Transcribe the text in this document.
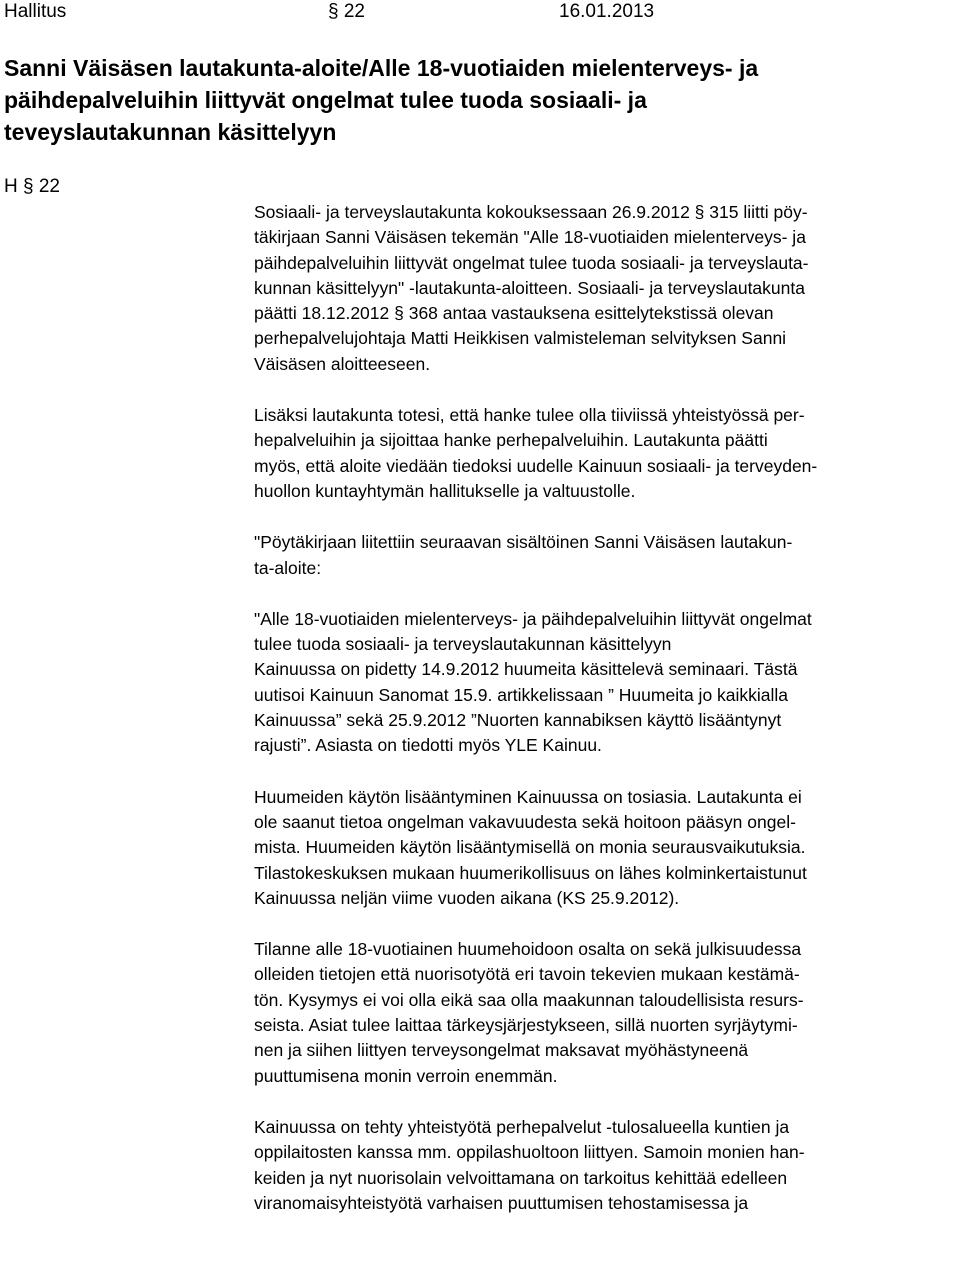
Hallitus	§ 22	16.01.2013
Sanni Väisäsen lautakunta-aloite/Alle 18-vuotiaiden mielenterveys- ja
päihdepalveluihin liittyvät ongelmat tulee tuoda sosiaali- ja
teveyslautakunnan käsittelyyn
H § 22

Sosiaali- ja terveyslautakunta kokouksessaan 26.9.2012 § 315 liitti pöy-
täkirjaan Sanni Väisäsen tekemän "Alle 18-vuotiaiden mielenterveys- ja
päihdepalveluihin liittyvät ongelmat tulee tuoda sosiaali- ja terveyslauta-
kunnan käsittelyyn" -lautakunta-aloitteen. Sosiaali- ja terveyslautakunta
päätti 18.12.2012 § 368 antaa vastauksena esittelytekstissä olevan
perhepalvelujohtaja Matti Heikkisen valmisteleman selvityksen Sanni
Väisäsen aloitteeseen.

Lisäksi lautakunta totesi, että hanke tulee olla tiiviissä yhteistyössä per-
hepalveluihin ja sijoittaa hanke perhepalveluihin. Lautakunta päätti
myös, että aloite viedään tiedoksi uudelle Kainuun sosiaali- ja terveyden-
huollon kuntayhtymän hallitukselle ja valtuustolle.

"Pöytäkirjaan liitettiin seuraavan sisältöinen Sanni Väisäsen lautakun-
ta-aloite:

"Alle 18-vuotiaiden mielenterveys- ja päihdepalveluihin liittyvät ongelmat
tulee tuoda sosiaali- ja terveyslautakunnan käsittelyyn
Kainuussa on pidetty 14.9.2012 huumeita käsittelevä seminaari. Tästä
uutisoi Kainuun Sanomat 15.9. artikkelissaan ” Huumeita jo kaikkialla
Kainuussa” sekä 25.9.2012 ”Nuorten kannabiksen käyttö lisääntynyt
rajusti”. Asiasta on tiedotti myös YLE Kainuu.

Huumeiden käytön lisääntyminen Kainuussa on tosiasia. Lautakunta ei
ole saanut tietoa ongelman vakavuudesta sekä hoitoon pääsyn ongel-
mista. Huumeiden käytön lisääntymisellä on monia seurausvaikutuksia.
Tilastokeskuksen mukaan huumerikollisuus on lähes kolminkertaistunut
Kainuussa neljän viime vuoden aikana (KS 25.9.2012).

Tilanne alle 18-vuotiainen huumehoidoon osalta on sekä julkisuudessa
olleiden tietojen että nuorisotyötä eri tavoin tekevien mukaan kestämä-
tön. Kysymys ei voi olla eikä saa olla maakunnan taloudellisista resurs-
seista. Asiat tulee laittaa tärkeysjärjestykseen, sillä nuorten syrjäytymi-
nen ja siihen liittyen terveysongelmat maksavat myöhästyneenä
puuttumisena monin verroin enemmän.

Kainuussa on tehty yhteistyötä perhepalvelut -tulosalueella kuntien ja
oppilaitosten kanssa mm. oppilashuoltoon liittyen. Samoin monien han-
keiden ja nyt nuorisolain velvoittamana on tarkoitus kehittää edelleen
viranomaisyhteistyötä varhaisen puuttumisen tehostamisessa ja
